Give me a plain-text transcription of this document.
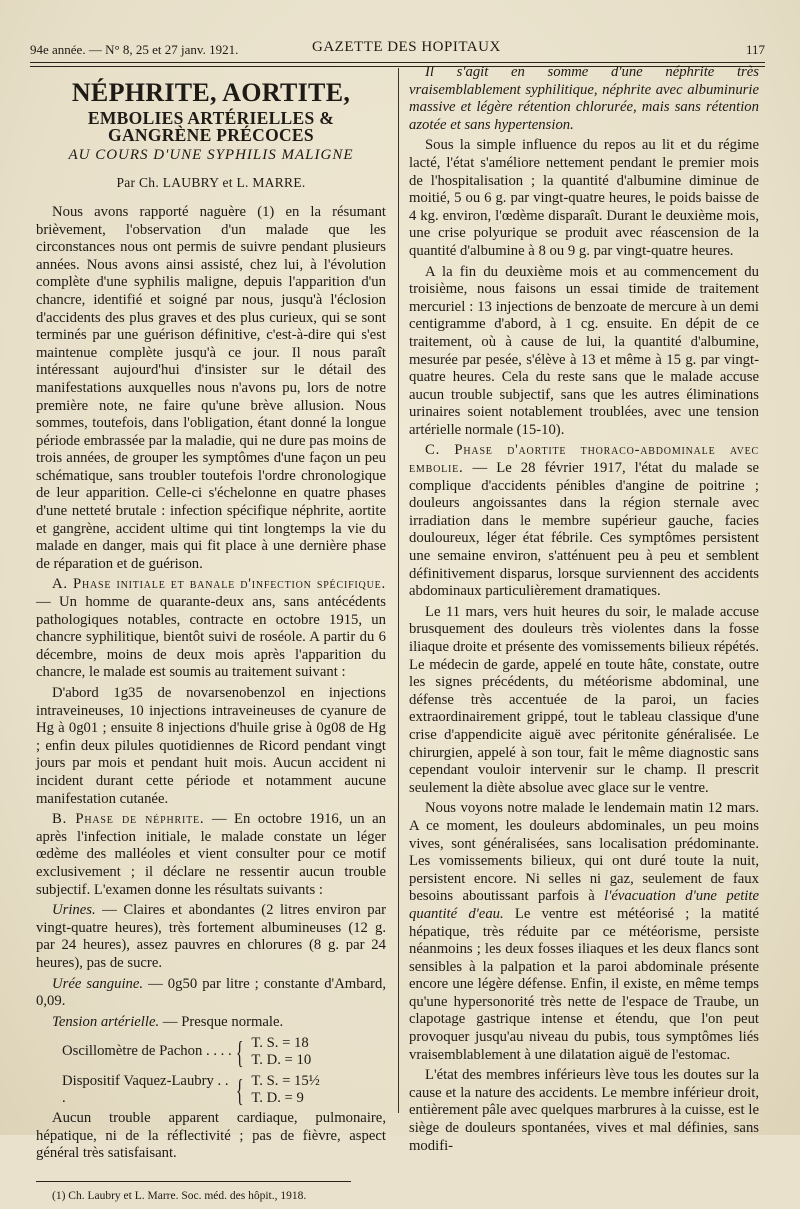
94e année. — N° 8, 25 et 27 janv. 1921.	GAZETTE DES HOPITAUX	117
NÉPHRITE, AORTITE,
EMBOLIES ARTÉRIELLES & GANGRÈNE PRÉCOCES
AU COURS D'UNE SYPHILIS MALIGNE
Par Ch. LAUBRY et L. MARRE.

Nous avons rapporté naguère (1) en la résumant brièvement, l'observation d'un malade que les circonstances nous ont permis de suivre pendant plusieurs années. Nous avons ainsi assisté, chez lui, à l'évolution complète d'une syphilis maligne, depuis l'apparition d'un chancre, identifié et soigné par nous, jusqu'à l'éclosion d'accidents des plus graves et des plus curieux, qui se sont terminés par une guérison définitive, c'est-à-dire qui s'est maintenue complète jusqu'à ce jour. Il nous paraît intéressant aujourd'hui d'insister sur le détail des manifestations auxquelles nous n'avons pu, lors de notre première note, ne faire qu'une brève allusion. Nous sommes, toutefois, dans l'obligation, étant donné la longue période embrassée par la maladie, qui ne dure pas moins de trois années, de grouper les symptômes d'une façon un peu schématique, sans troubler toutefois l'ordre chronologique de leur apparition. Celle-ci s'échelonne en quatre phases d'une netteté brutale : infection spécifique néphrite, aortite et gangrène, accident ultime qui tint longtemps la vie du malade en danger, mais qui fit place à une dernière phase de réparation et de guérison.

A. Phase initiale et banale d'infection spécifique. — Un homme de quarante-deux ans, sans antécédents pathologiques notables, contracte en octobre 1915, un chancre syphilitique, bientôt suivi de roséole. A partir du 6 décembre, moins de deux mois après l'apparition du chancre, le malade est soumis au traitement suivant :

D'abord 1g35 de novarsenobenzol en injections intraveineuses, 10 injections intraveineuses de cyanure de Hg à 0g01 ; ensuite 8 injections d'huile grise à 0g08 de Hg ; enfin deux pilules quotidiennes de Ricord pendant vingt jours par mois et pendant huit mois. Aucun accident ni incident durant cette période et notamment aucune manifestation cutanée.

B. Phase de néphrite. — En octobre 1916, un an après l'infection initiale, le malade constate un léger œdème des malléoles et vient consulter pour ce motif exclusivement ; il déclare ne ressentir aucun trouble subjectif. L'examen donne les résultats suivants :

Urines. — Claires et abondantes (2 litres environ par vingt-quatre heures), très fortement albumineuses (12 g. par 24 heures), assez pauvres en chlorures (8 g. par 24 heures), pas de sucre.

Urée sanguine. — 0g50 par litre ; constante d'Ambard, 0,09.

Tension artérielle. — Presque normale.

Oscillomètre de Pachon . . . . { T. S. = 18
T. D. = 10
Dispositif Vaquez-Laubry . . .	{ T. S. = 15½
T. D. = 9

Aucun trouble apparent cardiaque, pulmonaire, hépatique, ni de la réflectivité ; pas de fièvre, aspect général très satisfaisant.

(1) Ch. Laubry et L. Marre. Soc. méd. des hôpit., 1918.

Il s'agit en somme d'une néphrite très vraisemblablement syphilitique, néphrite avec albuminurie massive et légère rétention chlorurée, mais sans rétention azotée et sans hypertension.

Sous la simple influence du repos au lit et du régime lacté, l'état s'améliore nettement pendant le premier mois de l'hospitalisation ; la quantité d'albumine diminue de moitié, 5 ou 6 g. par vingt-quatre heures, le poids baisse de 4 kg. environ, l'œdème disparaît. Durant le deuxième mois, une crise polyurique se produit avec réascension de la quantité d'albumine à 8 ou 9 g. par vingt-quatre heures.

A la fin du deuxième mois et au commencement du troisième, nous faisons un essai timide de traitement mercuriel : 13 injections de benzoate de mercure à un demi centigramme d'abord, à 1 cg. ensuite. En dépit de ce traitement, où à cause de lui, la quantité d'albumine, mesurée par pesée, s'élève à 13 et même à 15 g. par vingt-quatre heures. Cela du reste sans que le malade accuse aucun trouble subjectif, sans que les autres éliminations urinaires soient notablement troublées, avec une tension artérielle normale (15-10).

C. Phase d'aortite thoraco-abdominale avec embolie. — Le 28 février 1917, l'état du malade se complique d'accidents pénibles d'angine de poitrine ; douleurs angoissantes dans la région sternale avec irradiation dans le membre supérieur gauche, facies douloureux, léger état fébrile. Ces symptômes persistent une semaine environ, s'atténuent peu à peu et semblent définitivement disparus, lorsque surviennent des accidents abdominaux particulièrement dramatiques.

Le 11 mars, vers huit heures du soir, le malade accuse brusquement des douleurs très violentes dans la fosse iliaque droite et présente des vomissements bilieux répétés. Le médecin de garde, appelé en toute hâte, constate, outre les signes précédents, du météorisme abdominal, une défense très accentuée de la paroi, un facies extraordinairement grippé, tout le tableau classique d'une crise d'appendicite aiguë avec péritonite généralisée. Le chirurgien, appelé à son tour, fait le même diagnostic sans cependant vouloir intervenir sur le champ. Il prescrit seulement la diète absolue avec glace sur le ventre.

Nous voyons notre malade le lendemain matin 12 mars. A ce moment, les douleurs abdominales, un peu moins vives, sont généralisées, sans localisation prédominante. Les vomissements bilieux, qui ont duré toute la nuit, persistent encore. Ni selles ni gaz, seulement de faux besoins aboutissant parfois à l'évacuation d'une petite quantité d'eau. Le ventre est météorisé ; la matité hépatique, très réduite par ce météorisme, persiste néanmoins ; les deux fosses iliaques et les deux flancs sont sensibles à la palpation et la paroi abdominale présente encore une légère défense. Enfin, il existe, en même temps qu'une hypersonorité très nette de l'espace de Traube, un clapotage gastrique intense et étendu, que l'on peut provoquer jusqu'au niveau du pubis, tous symptômes liés vraisemblablement à une dilatation aiguë de l'estomac.

L'état des membres inférieurs lève tous les doutes sur la cause et la nature des accidents. Le membre inférieur droit, entièrement pâle avec quelques marbrures à la cuisse, est le siège de douleurs spontanées, vives et mal définies, sans modifi-
